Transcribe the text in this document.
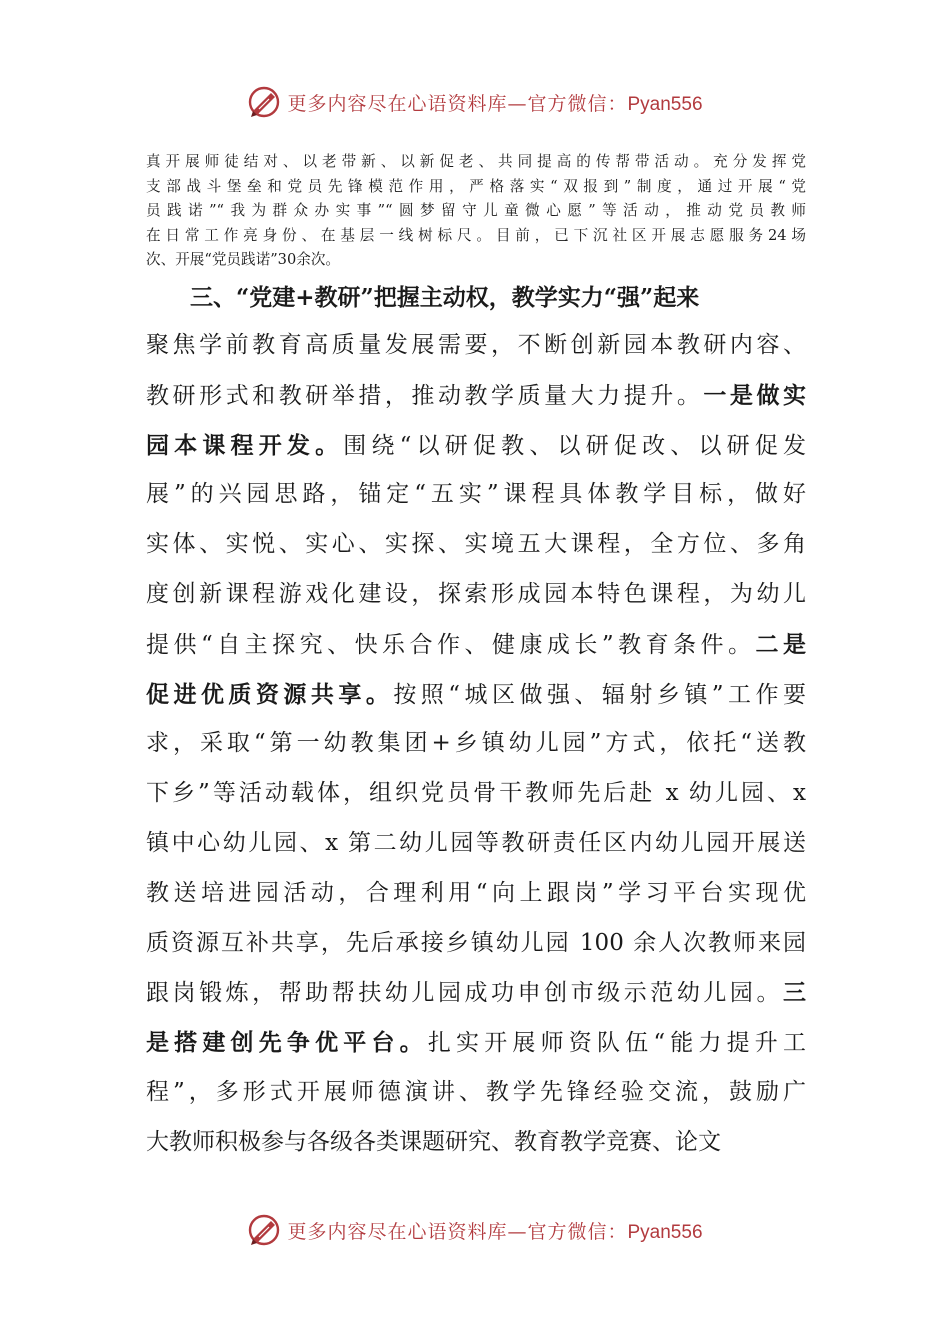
更多内容尽在心语资料库—官方微信：Pyan556
真开展师徒结对、以老带新、以新促老、共同提高的传帮带活动。充分发挥党
支部战斗堡垒和党员先锋模范作用，严格落实“双报到”制度，通过开展“党
员践诺”“我为群众办实事”“圆梦留守儿童微心愿”等活动，推动党员教师
在日常工作亮身份、在基层一线树标尺。目前，已下沉社区开展志愿服务24场
次、开展“党员践诺”30余次。
三、“党建+教研”把握主动权，教学实力“强”起来
聚焦学前教育高质量发展需要，不断创新园本教研内容、
教研形式和教研举措，推动教学质量大力提升。一是做实
园本课程开发。围绕“以研促教、以研促改、以研促发
展”的兴园思路，锚定“五实”课程具体教学目标，做好
实体、实悦、实心、实探、实境五大课程，全方位、多角
度创新课程游戏化建设，探索形成园本特色课程，为幼儿
提供“自主探究、快乐合作、健康成长”教育条件。二是
促进优质资源共享。按照“城区做强、辐射乡镇”工作要
求，采取“第一幼教集团+乡镇幼儿园”方式，依托“送教
下乡”等活动载体，组织党员骨干教师先后赴 x 幼儿园、x
镇中心幼儿园、x 第二幼儿园等教研责任区内幼儿园开展送
教送培进园活动，合理利用“向上跟岗”学习平台实现优
质资源互补共享，先后承接乡镇幼儿园 100 余人次教师来园
跟岗锻炼，帮助帮扶幼儿园成功申创市级示范幼儿园。三
是搭建创先争优平台。扎实开展师资队伍“能力提升工
程”，多形式开展师德演讲、教学先锋经验交流，鼓励广
大教师积极参与各级各类课题研究、教育教学竞赛、论文
更多内容尽在心语资料库—官方微信：Pyan556
